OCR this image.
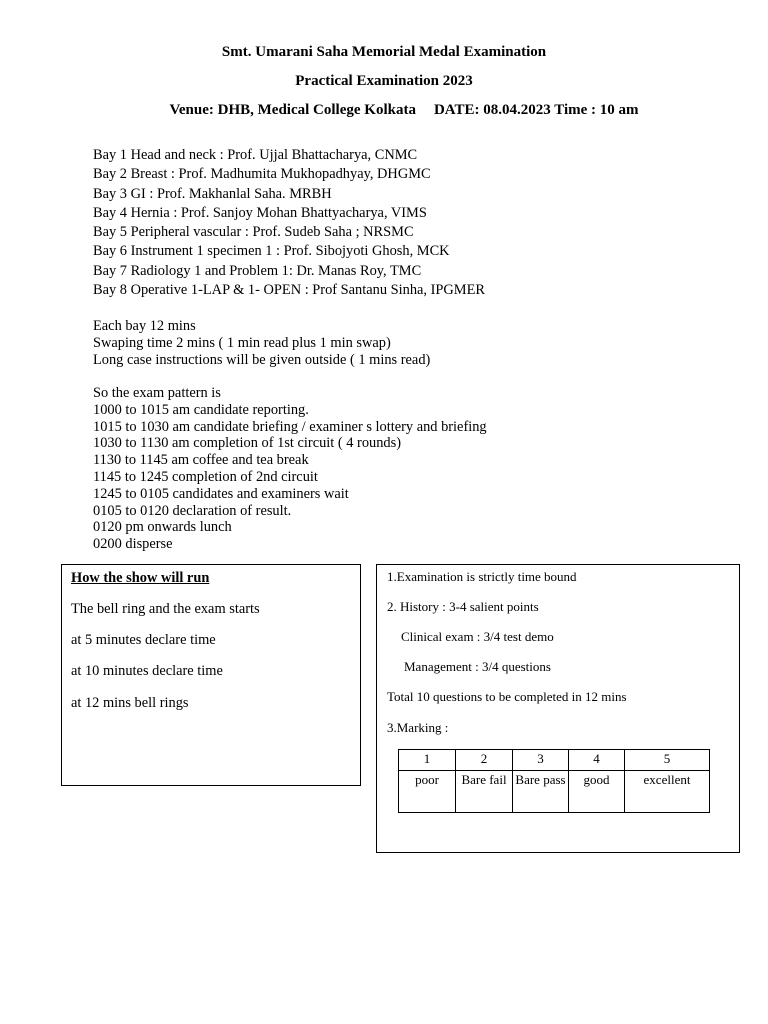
Smt. Umarani Saha Memorial Medal Examination
Practical Examination 2023
Venue: DHB, Medical College Kolkata DATE: 08.04.2023 Time : 10 am
Bay 1 Head and neck : Prof. Ujjal Bhattacharya, CNMC
Bay 2 Breast : Prof. Madhumita Mukhopadhyay, DHGMC
Bay 3 GI : Prof. Makhanlal Saha. MRBH
Bay 4 Hernia : Prof. Sanjoy Mohan Bhattyacharya, VIMS
Bay 5 Peripheral vascular : Prof. Sudeb Saha ; NRSMC
Bay 6 Instrument 1 specimen 1 : Prof. Sibojyoti Ghosh, MCK
Bay 7 Radiology 1 and Problem 1: Dr. Manas Roy, TMC
Bay 8 Operative 1-LAP & 1- OPEN : Prof Santanu Sinha, IPGMER
Each bay 12 mins
Swaping time 2 mins ( 1 min read plus 1 min swap)
Long case instructions will be given outside ( 1 mins read)
So the exam pattern is
1000 to 1015 am candidate reporting.
1015 to 1030 am candidate briefing / examiner s lottery and briefing
1030 to 1130 am completion of 1st circuit ( 4 rounds)
1130 to 1145 am coffee and tea break
1145 to 1245 completion of 2nd circuit
1245 to 0105 candidates and examiners wait
0105 to 0120 declaration of result.
0120 pm onwards lunch
0200 disperse
How the show will run
The bell ring and the exam starts
at 5 minutes declare time
at 10 minutes declare time
at 12 mins bell rings
1.Examination is strictly time bound
2. History : 3-4 salient points
Clinical exam : 3/4 test demo
Management : 3/4 questions
Total 10 questions to be completed in 12 mins
3.Marking :
1	2	3	4	5
poor	Bare fail	Bare pass	good	excellent
